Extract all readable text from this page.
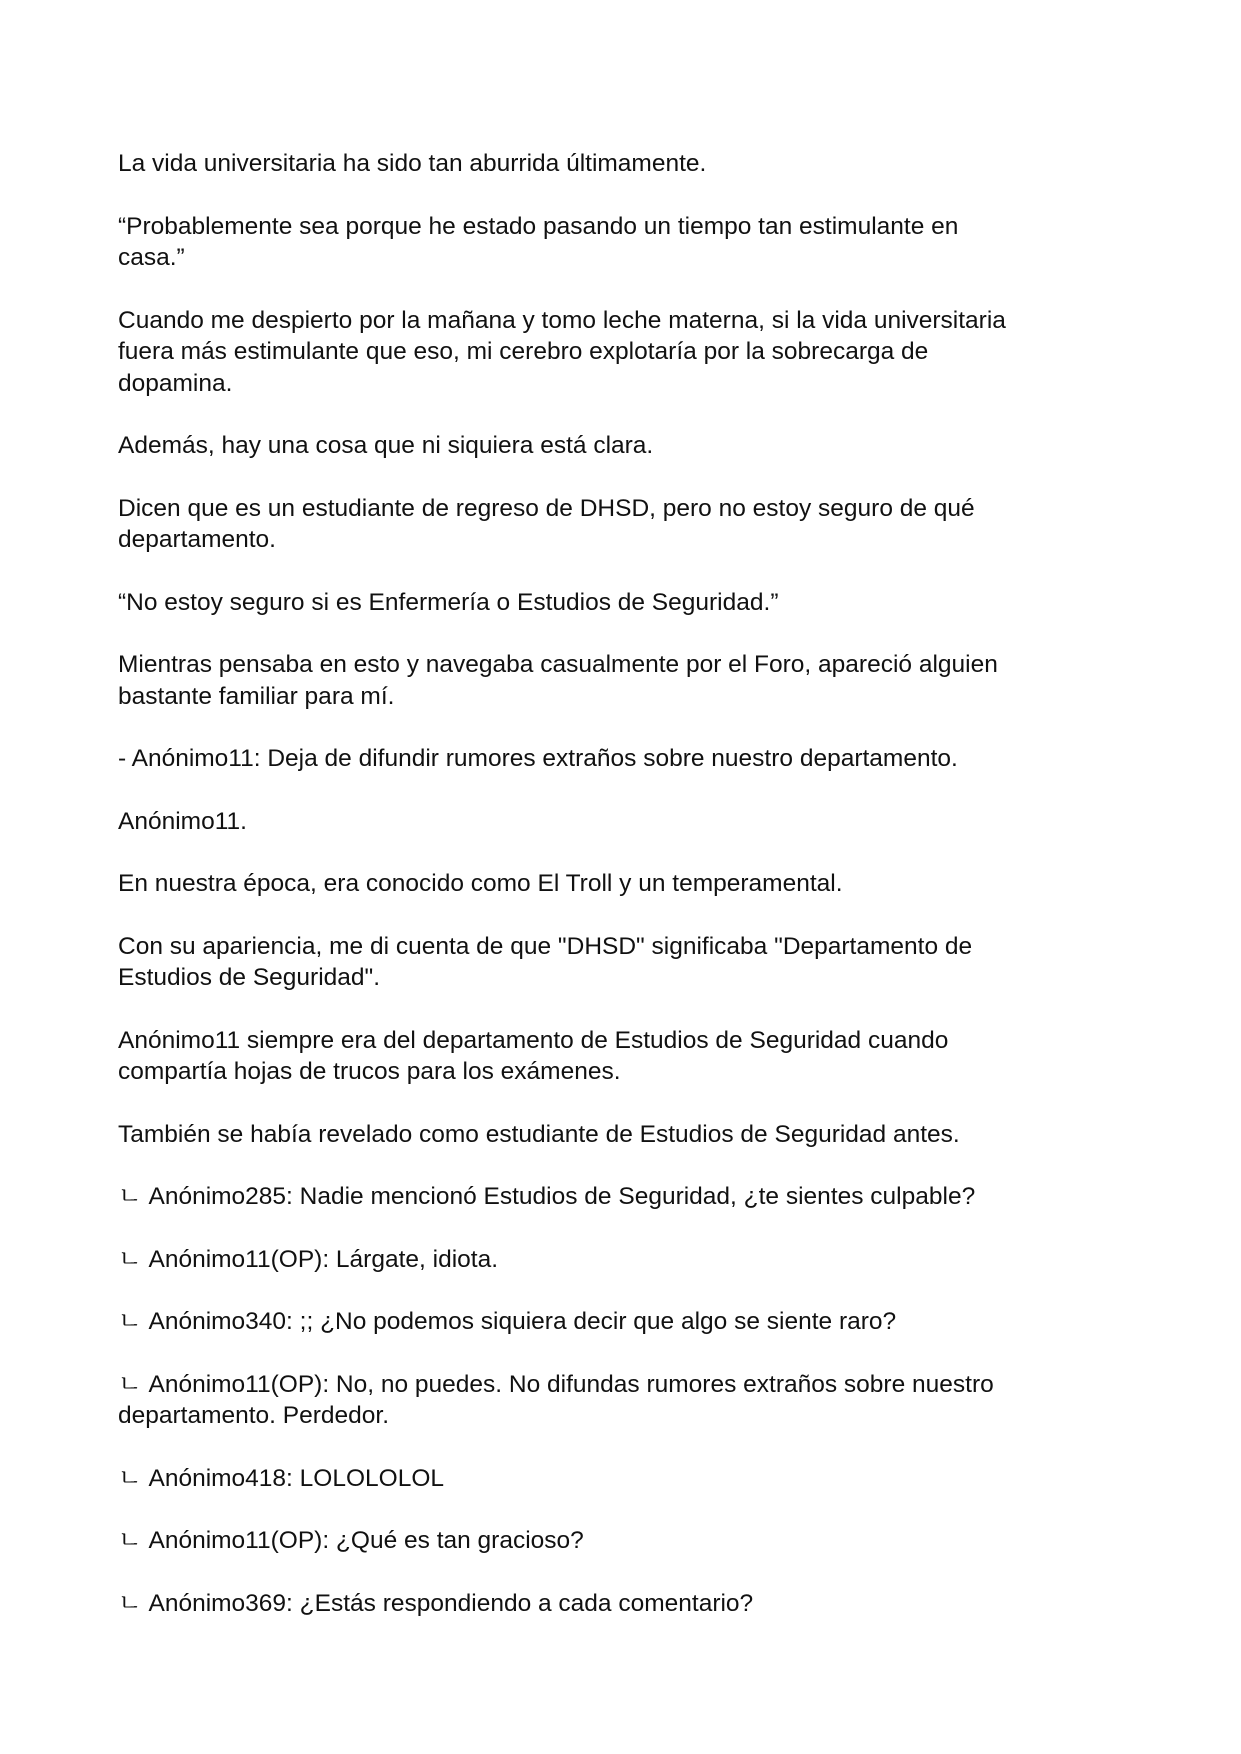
La vida universitaria ha sido tan aburrida últimamente.

“Probablemente sea porque he estado pasando un tiempo tan estimulante en
casa.”

Cuando me despierto por la mañana y tomo leche materna, si la vida universitaria
fuera más estimulante que eso, mi cerebro explotaría por la sobrecarga de
dopamina.

Además, hay una cosa que ni siquiera está clara.

Dicen que es un estudiante de regreso de DHSD, pero no estoy seguro de qué
departamento.

“No estoy seguro si es Enfermería o Estudios de Seguridad.”

Mientras pensaba en esto y navegaba casualmente por el Foro, apareció alguien
bastante familiar para mí.

- Anónimo11: Deja de difundir rumores extraños sobre nuestro departamento.

Anónimo11.

En nuestra época, era conocido como El Troll y un temperamental.

Con su apariencia, me di cuenta de que "DHSD" significaba "Departamento de
Estudios de Seguridad".

Anónimo11 siempre era del departamento de Estudios de Seguridad cuando
compartía hojas de trucos para los exámenes.

También se había revelado como estudiante de Estudios de Seguridad antes.

ㄴ Anónimo285: Nadie mencionó Estudios de Seguridad, ¿te sientes culpable?

ㄴ Anónimo11(OP): Lárgate, idiota.

ㄴ Anónimo340: ;; ¿No podemos siquiera decir que algo se siente raro?

ㄴ Anónimo11(OP): No, no puedes. No difundas rumores extraños sobre nuestro
departamento. Perdedor.

ㄴ Anónimo418: LOLOLOLOL

ㄴ Anónimo11(OP): ¿Qué es tan gracioso?

ㄴ Anónimo369: ¿Estás respondiendo a cada comentario?
